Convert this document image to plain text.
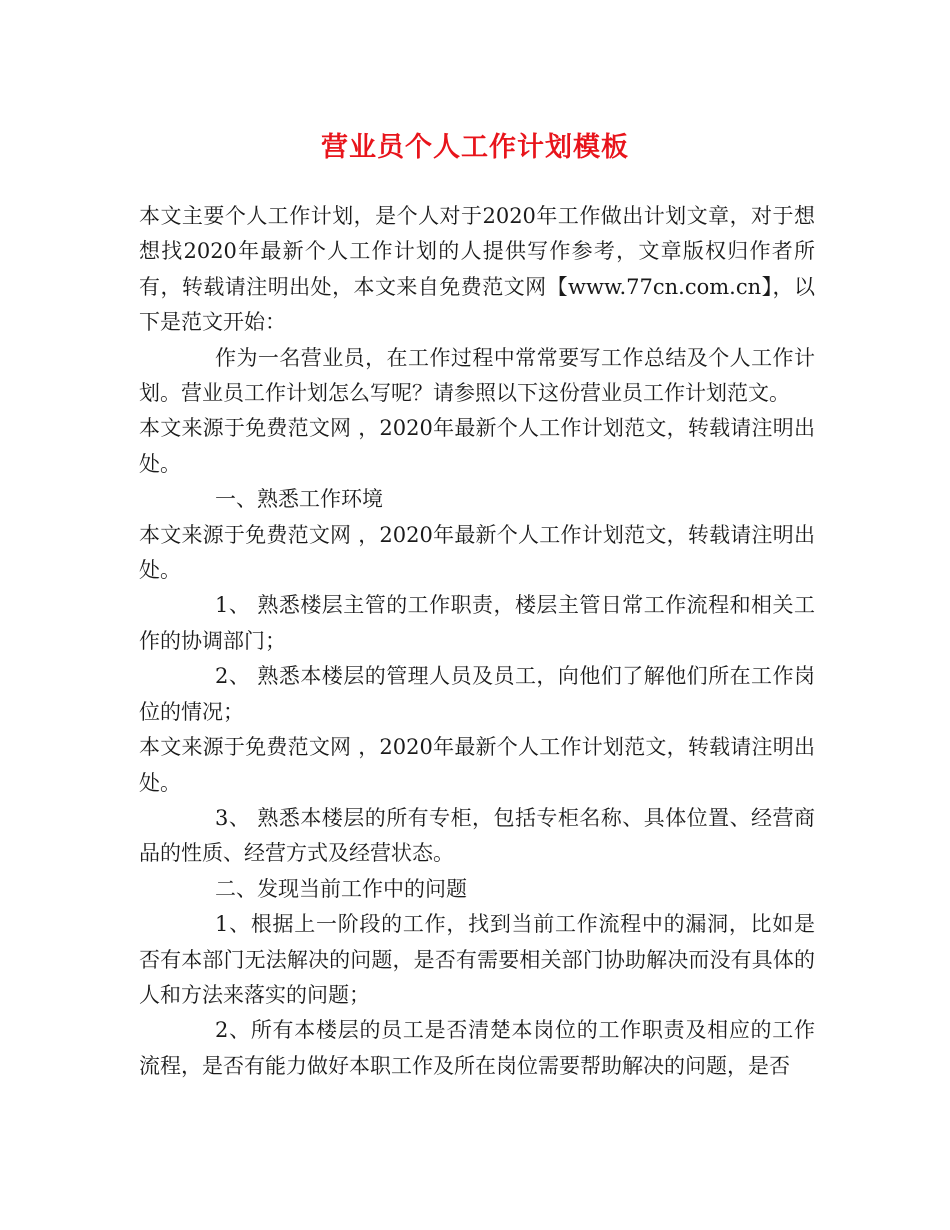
营业员个人工作计划模板

本文主要个人工作计划，是个人对于2020年工作做出计划文章，对于想想找2020年最新个人工作计划的人提供写作参考，文章版权归作者所有，转载请注明出处，本文来自免费范文网【www.77cn.com.cn】，以下是范文开始：

作为一名营业员，在工作过程中常常要写工作总结及个人工作计划。营业员工作计划怎么写呢？请参照以下这份营业员工作计划范文。

本文来源于免费范文网 ，2020年最新个人工作计划范文，转载请注明出处。

一、熟悉工作环境

本文来源于免费范文网 ，2020年最新个人工作计划范文，转载请注明出处。

1、 熟悉楼层主管的工作职责，楼层主管日常工作流程和相关工作的协调部门；

2、 熟悉本楼层的管理人员及员工，向他们了解他们所在工作岗位的情况；

本文来源于免费范文网 ，2020年最新个人工作计划范文，转载请注明出处。

3、 熟悉本楼层的所有专柜，包括专柜名称、具体位置、经营商品的性质、经营方式及经营状态。

二、发现当前工作中的问题

1、根据上一阶段的工作，找到当前工作流程中的漏洞，比如是否有本部门无法解决的问题，是否有需要相关部门协助解决而没有具体的人和方法来落实的问题；

2、所有本楼层的员工是否清楚本岗位的工作职责及相应的工作流程，是否有能力做好本职工作及所在岗位需要帮助解决的问题，是否
